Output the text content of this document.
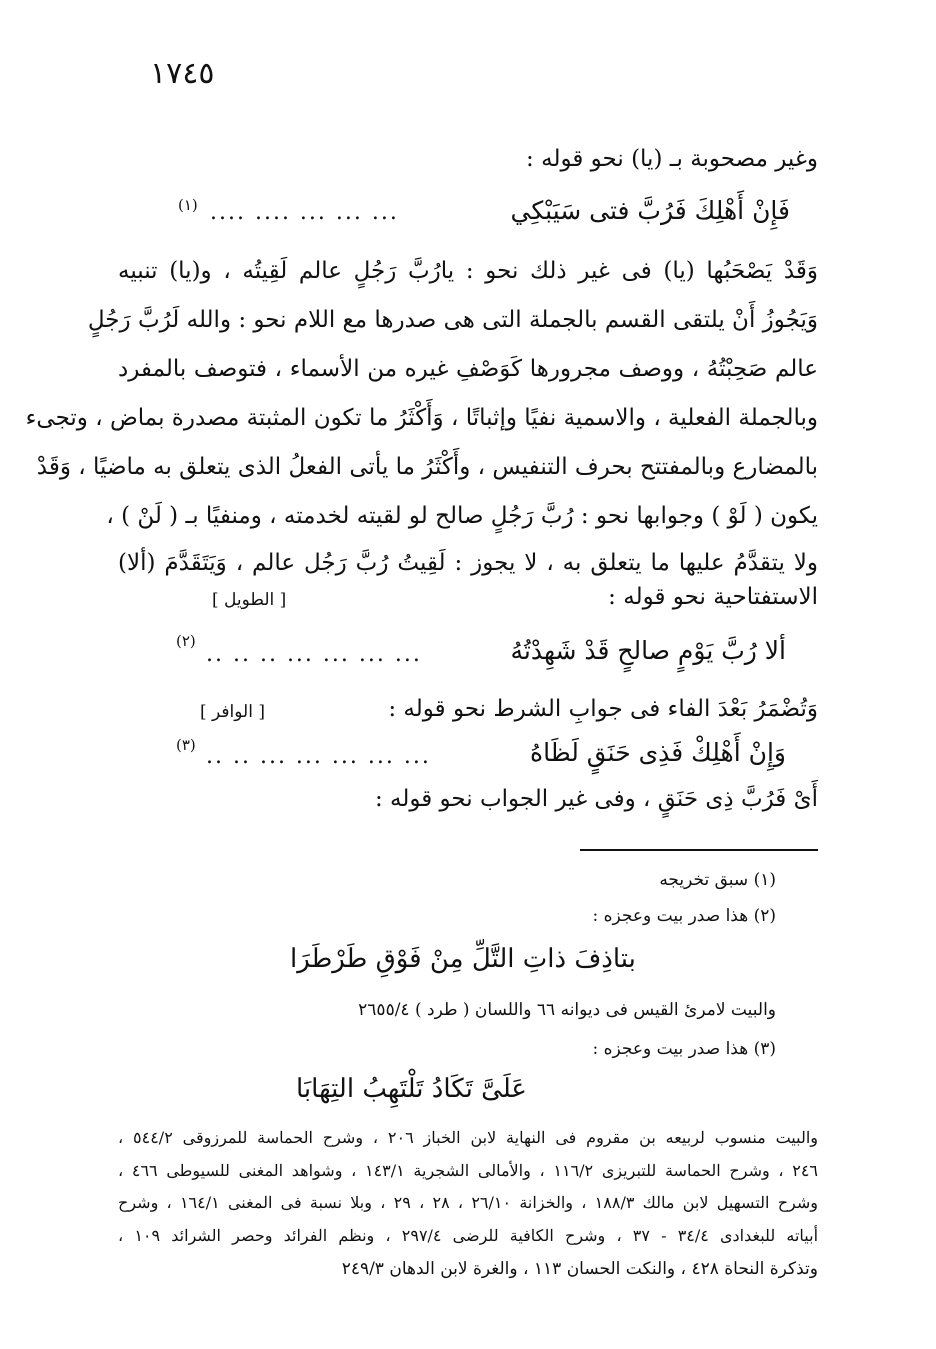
١٧٤٥
وغير مصحوبة بـ (يا) نحو قوله :
فَإِنْ أَهْلِكَ فَرُبَّ فتى سَيَبْكِي
.... .... ... ... ...
(١)
وَقَدْ يَصْحَبُها (يا) فى غير ذلك نحو : يارُبَّ رَجُلٍ عالم لَقِيتُه ، و(يا) تنبيه
وَيَجُوزُ أَنْ يلتقى القسم بالجملة التى هى صدرها مع اللام نحو : والله لَرُبَّ رَجُلٍ
عالم صَحِبْتُهُ ، ووصف مجرورها كَوَصْفِ غيره من الأسماء ، فتوصف بالمفرد
وبالجملة الفعلية ، والاسمية نفيًا وإثباتًا ، وَأَكْثَرُ ما تكون المثبتة مصدرة بماض ، وتجىء
بالمضارع وبالمفتتح بحرف التنفيس ، وأَكْثَرُ ما يأتى الفعلُ الذى يتعلق به ماضيًا ، وَقَدْ
يكون ( لَوْ ) وجوابها نحو : رُبَّ رَجُلٍ صالح لو لقيته لخدمته ، ومنفيًا بـ ( لَنْ ) ،
ولا يتقدَّمُ عليها ما يتعلق به ، لا يجوز : لَقِيتُ رُبَّ رَجُل عالم ، وَيَتَقَدَّمَ (ألا)
الاستفتاحية نحو قوله :
[ الطويل ]
ألا رُبَّ يَوْمٍ صالحٍ قَدْ شَهِدْتُهُ
.. .. .. ... ... ... ...
(٢)
وَتُضْمَرُ بَعْدَ الفاء فى جوابِ الشرط نحو قوله :
[ الوافر ]
وَإِنْ أَهْلِكْ فَذِى حَنَقٍ لَظَاهُ
.. .. ... ... ... ... ...
(٣)
أَىْ فَرُبَّ ذِى حَنَقٍ ، وفى غير الجواب نحو قوله :
(١) سبق تخريجه
(٢) هذا صدر بيت وعجزه :
بتاذِفَ ذاتِ التَّلِّ مِنْ فَوْقِ طَرْطَرَا
والبيت لامرئ القيس فى ديوانه ٦٦ واللسان ( طرد ) ٢٦٥٥/٤
(٣) هذا صدر بيت وعجزه :
عَلَىَّ تَكَادُ تَلْتَهِبُ التِهَابَا
والبيت منسوب لربيعه بن مقروم فى النهاية لابن الخباز ٢٠٦ ، وشرح الحماسة للمرزوقى ٥٤٤/٢ ،
٢٤٦ ، وشرح الحماسة للتبريزى ١١٦/٢ ، والأمالى الشجرية ١٤٣/١ ، وشواهد المغنى للسيوطى ٤٦٦ ،
وشرح التسهيل لابن مالك ١٨٨/٣ ، والخزانة ٢٦/١٠ ، ٢٨ ، ٢٩ ، وبلا نسبة فى المغنى ١٦٤/١ ، وشرح
أبياته للبغدادى ٣٤/٤ - ٣٧ ، وشرح الكافية للرضى ٢٩٧/٤ ، ونظم الفرائد وحصر الشرائد ١٠٩ ،
وتذكرة النحاة ٤٢٨ ، والنكت الحسان ١١٣ ، والغرة لابن الدهان ٢٤٩/٣
